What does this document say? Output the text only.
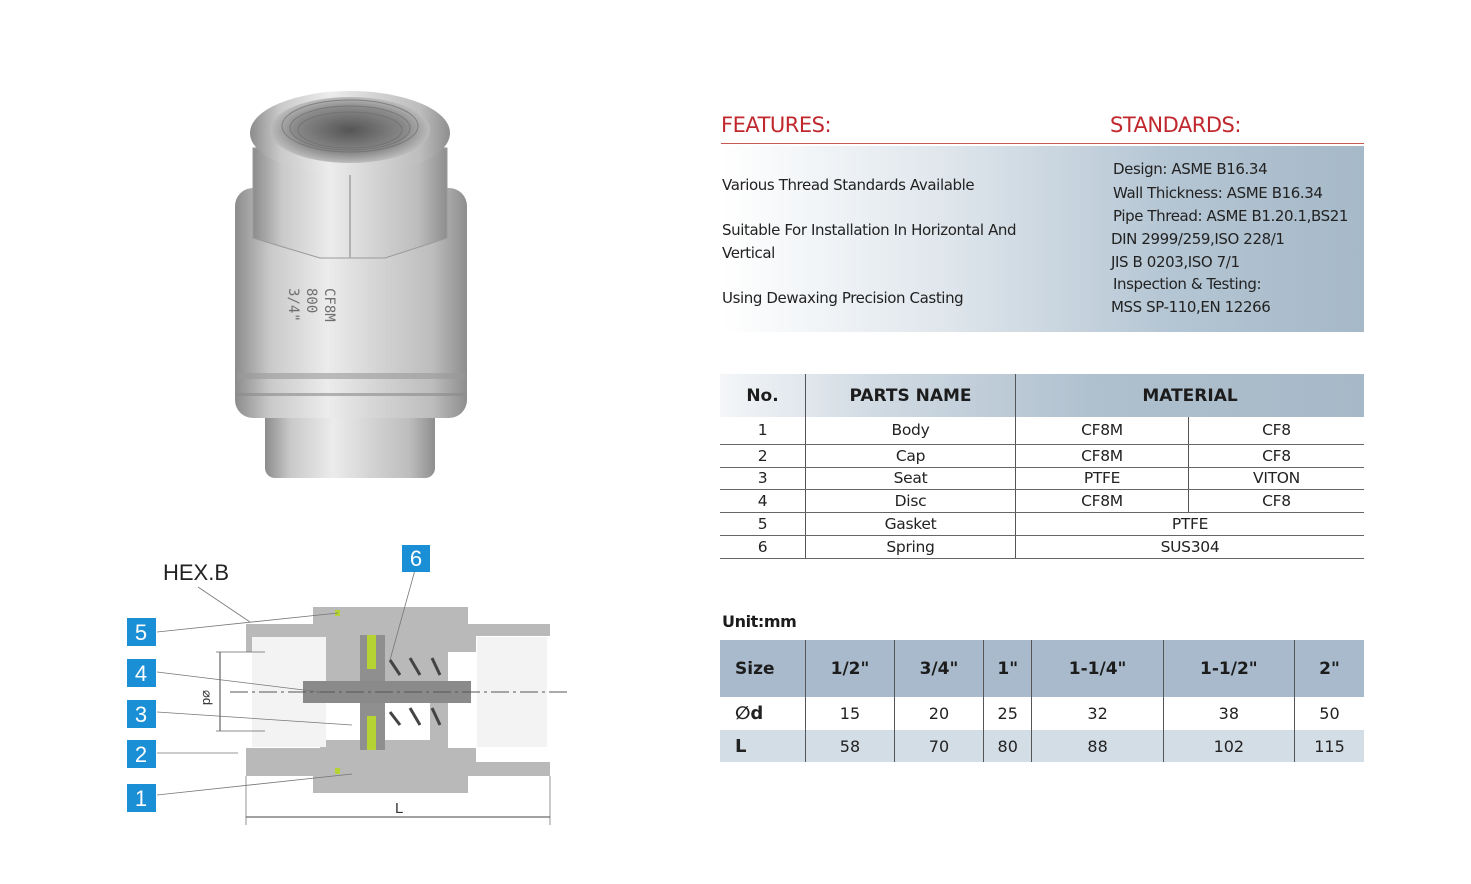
3/4" 800 CF8M
⌀d
L
HEX.B
5
4
3
2
1
6
FEATURES:	STANDARDS:
Various Thread Standards Available
Suitable For Installation In Horizontal And Vertical
Using Dewaxing Precision Casting
Design: ASME B16.34
Wall Thickness: ASME B16.34
Pipe Thread: ASME B1.20.1,BS21
DIN 2999/259,ISO 228/1
JIS B 0203,ISO 7/1
Inspection & Testing:
MSS SP-110,EN 12266
No.	PARTS NAME	MATERIAL	
1	Body	CF8M	CF8
2	Cap	CF8M	CF8
3	Seat	PTFE	VITON
4	Disc	CF8M	CF8
5	Gasket	PTFE	
6	Spring	SUS304	
Unit:mm
Size	1/2"	3/4"	1"	1-1/4"	1-1/2"	2"
∅d	15	20	25	32	38	50
L	58	70	80	88	102	115
